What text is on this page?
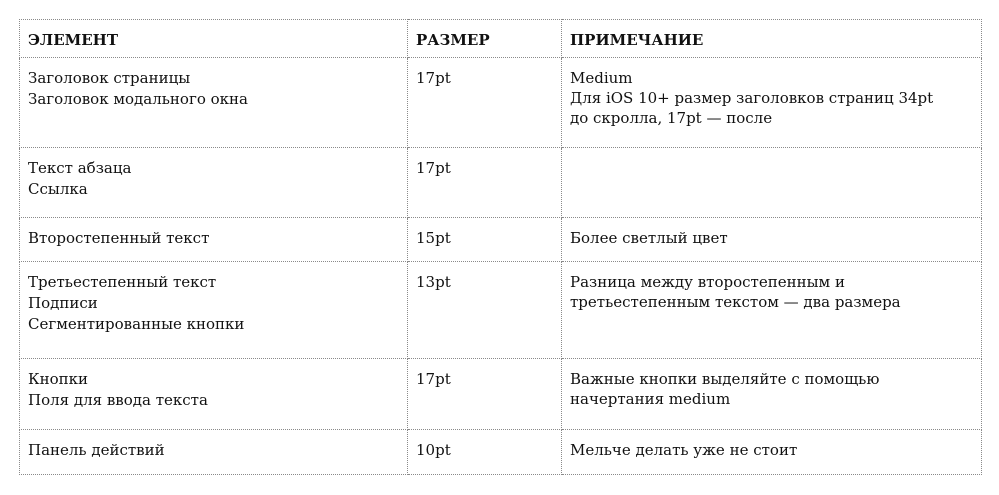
ЭЛЕМЕНТ	РАЗМЕР	ПРИМЕЧАНИЕ

Заголовок страницы
Заголовок модального окна	17pt	Medium
Для iOS 10+ размер заголовков страниц 34pt
до скролла, 17pt — после

Текст абзаца
Ссылка	17pt	

Второстепенный текст	15pt	Более светлый цвет

Третьестепенный текст
Подписи
Сегментированные кнопки	13pt	Разница между второстепенным и
третьестепенным текстом — два размера

Кнопки
Поля для ввода текста	17pt	Важные кнопки выделяйте с помощью
начертания medium

Панель действий	10pt	Мельче делать уже не стоит
